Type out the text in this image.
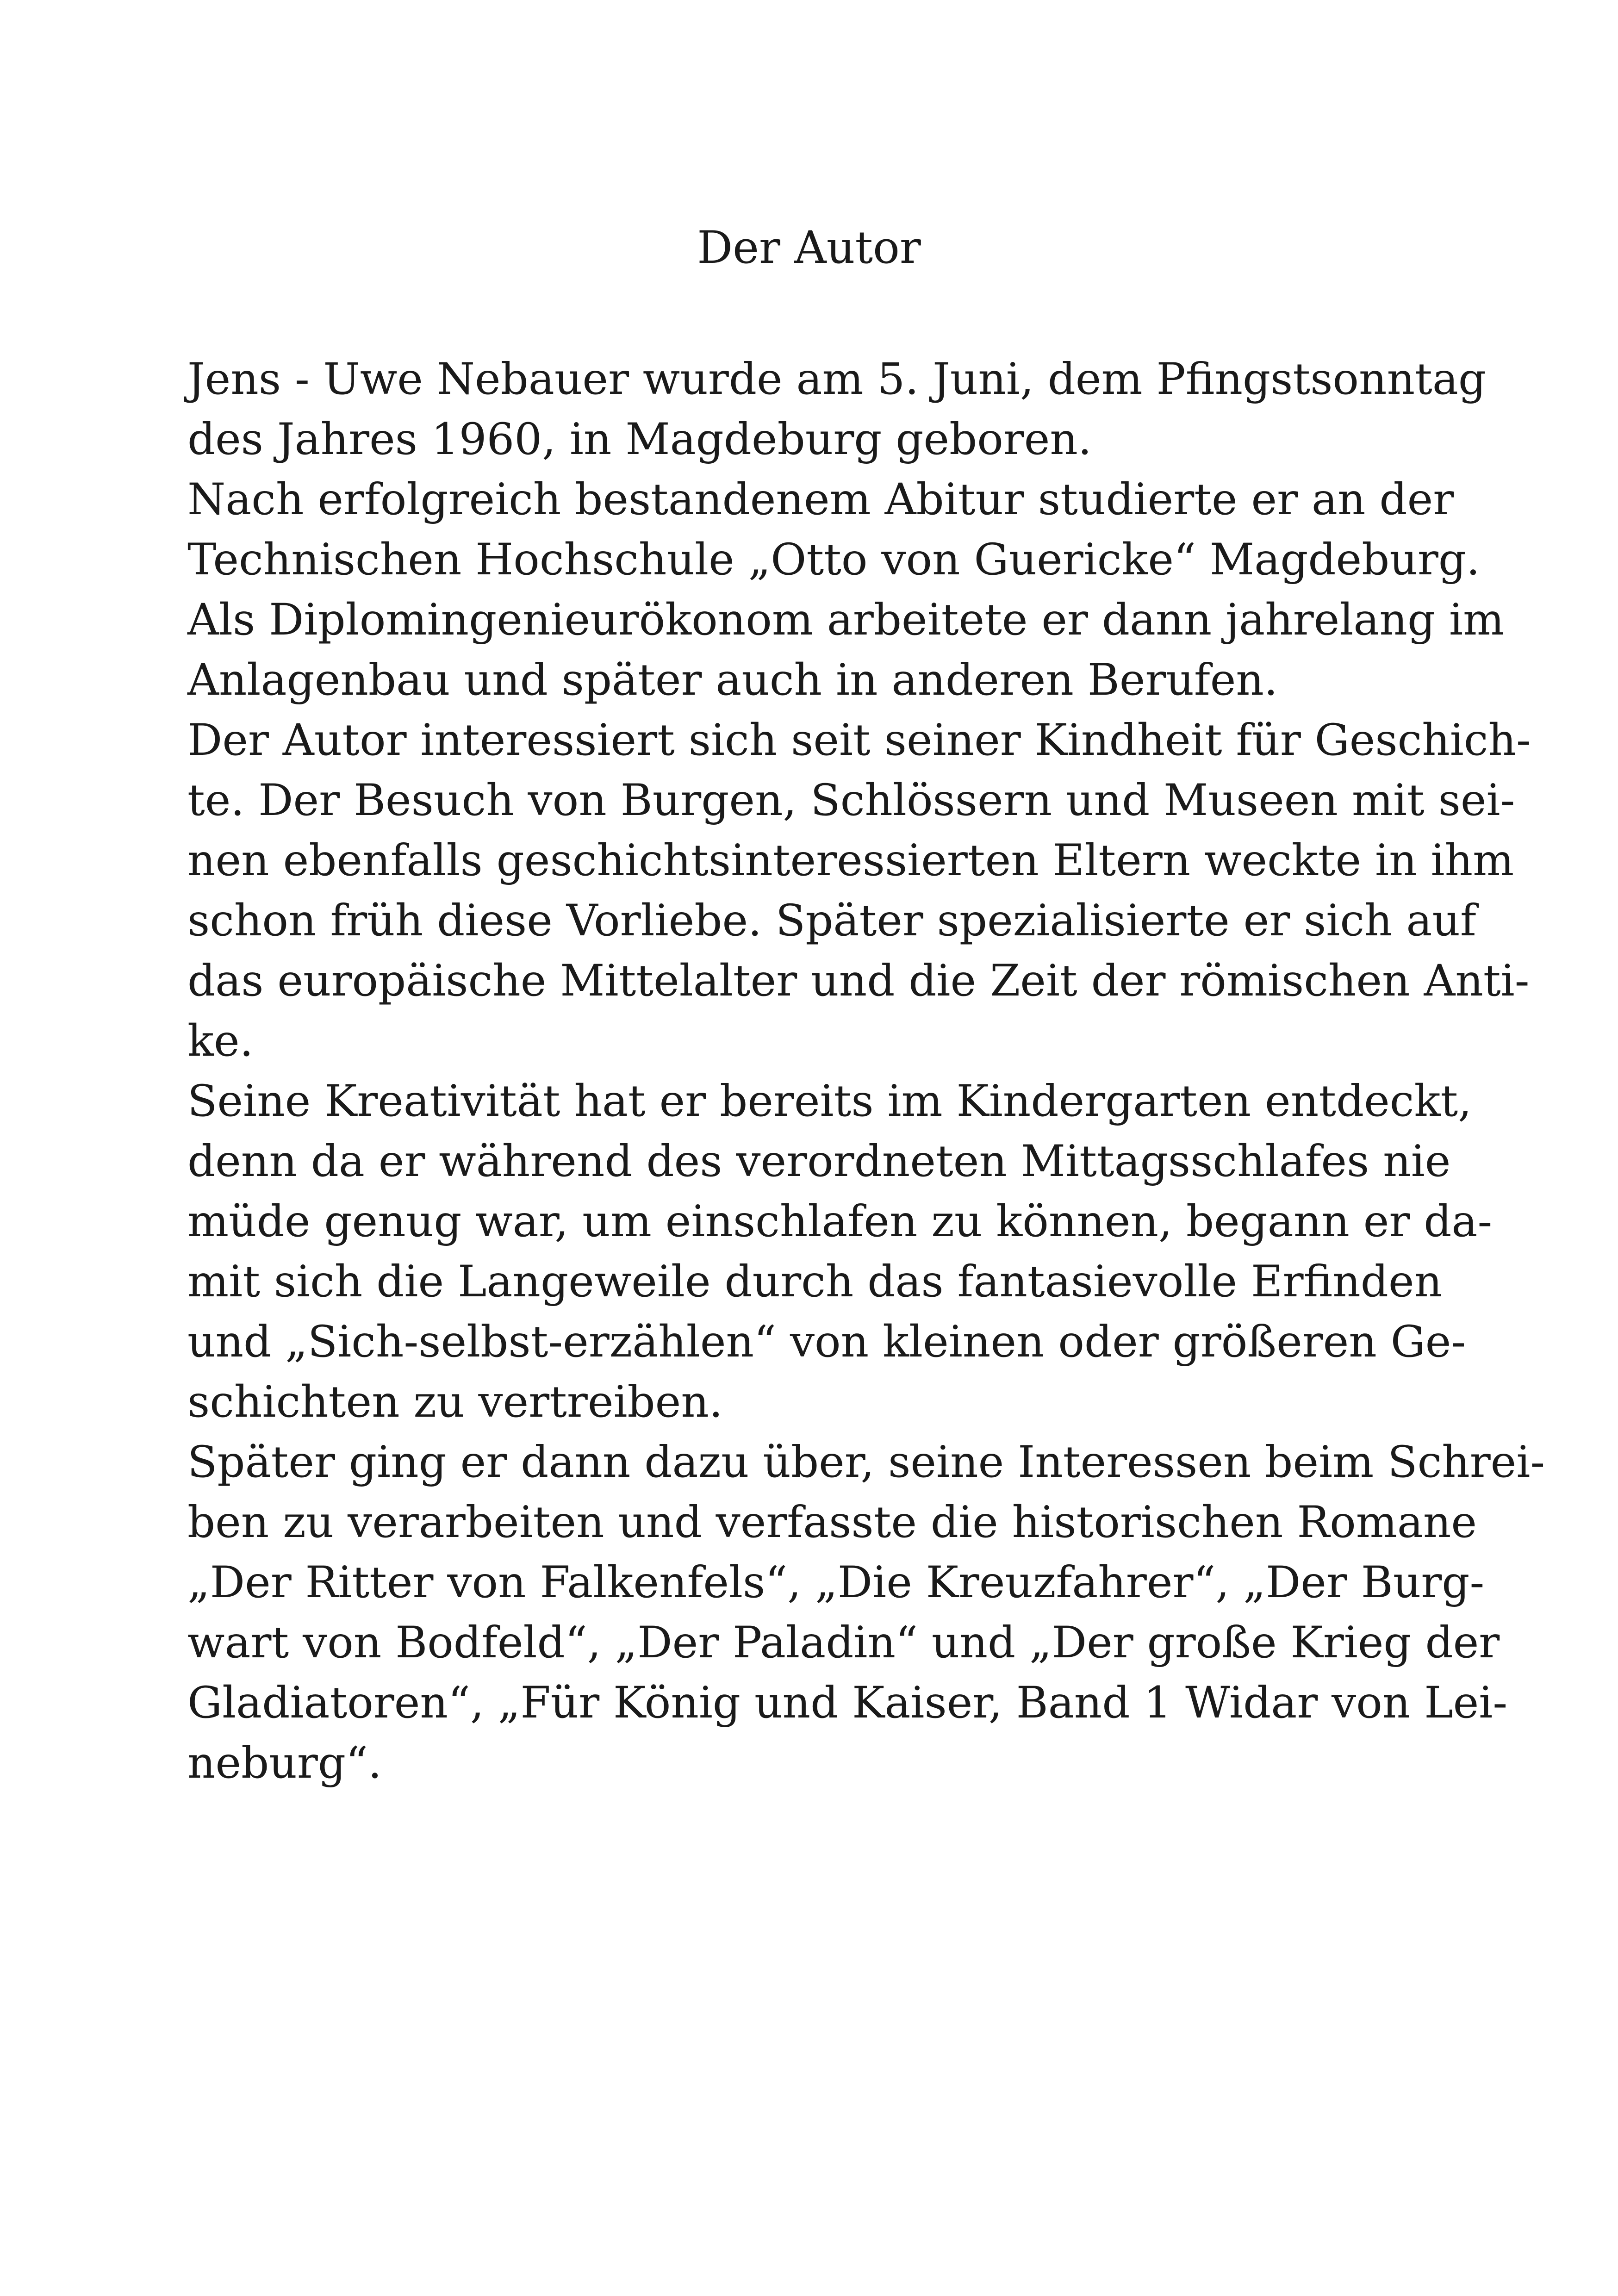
Der Autor
Jens - Uwe Nebauer wurde am 5. Juni, dem Pfingstsonntag
des Jahres 1960, in Magdeburg geboren.
Nach erfolgreich bestandenem Abitur studierte er an der
Technischen Hochschule „Otto von Guericke“ Magdeburg.
Als Diplomingenieurökonom arbeitete er dann jahrelang im
Anlagenbau und später auch in anderen Berufen.
Der Autor interessiert sich seit seiner Kindheit für Geschich-
te. Der Besuch von Burgen, Schlössern und Museen mit sei-
nen ebenfalls geschichtsinteressierten Eltern weckte in ihm
schon früh diese Vorliebe. Später spezialisierte er sich auf
das europäische Mittelalter und die Zeit der römischen Anti-
ke.
Seine Kreativität hat er bereits im Kindergarten entdeckt,
denn da er während des verordneten Mittagsschlafes nie
müde genug war, um einschlafen zu können, begann er da-
mit sich die Langeweile durch das fantasievolle Erfinden
und „Sich-selbst-erzählen“ von kleinen oder größeren Ge-
schichten zu vertreiben.
Später ging er dann dazu über, seine Interessen beim Schrei-
ben zu verarbeiten und verfasste die historischen Romane
„Der Ritter von Falkenfels“, „Die Kreuzfahrer“, „Der Burg-
wart von Bodfeld“, „Der Paladin“ und „Der große Krieg der
Gladiatoren“, „Für König und Kaiser, Band 1 Widar von Lei-
neburg“.
